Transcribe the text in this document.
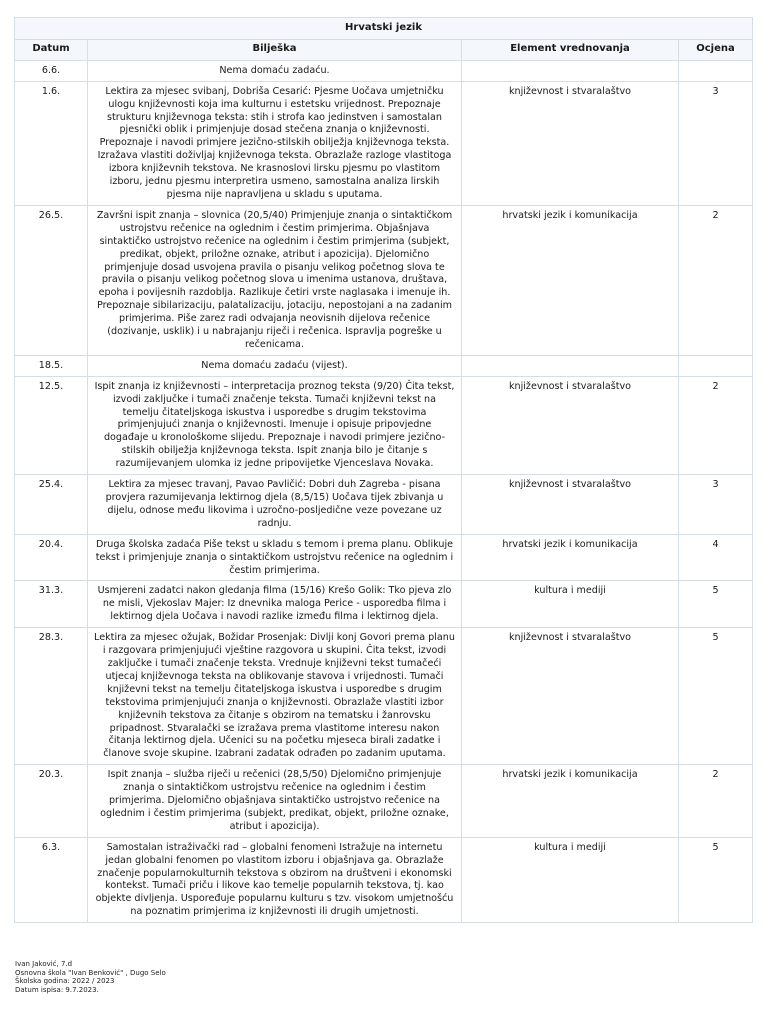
Hrvatski jezik			
Datum	Bilješka	Element vrednovanja	Ocjena
6.6.	Nema domaću zadaću.		
1.6.	Lektira za mjesec svibanj, Dobriša Cesarić: Pjesme Uočava umjetničku ulogu književnosti koja ima kulturnu i estetsku vrijednost. Prepoznaje strukturu književnoga teksta: stih i strofa kao jedinstven i samostalan pjesnički oblik i primjenjuje dosad stečena znanja o književnosti. Prepoznaje i navodi primjere jezično-stilskih obilježja književnoga teksta. Izražava vlastiti doživljaj književnoga teksta. Obrazlaže razloge vlastitoga izbora književnih tekstova. Ne krasnoslovi lirsku pjesmu po vlastitom izboru, jednu pjesmu interpretira usmeno, samostalna analiza lirskih pjesma nije napravljena u skladu s uputama.	književnost i stvaralaštvo	3
26.5.	Završni ispit znanja – slovnica (20,5/40) Primjenjuje znanja o sintaktičkom ustrojstvu rečenice na oglednim i čestim primjerima. Objašnjava sintaktičko ustrojstvo rečenice na oglednim i čestim primjerima (subjekt, predikat, objekt, priložne oznake, atribut i apozicija). Djelomično primjenjuje dosad usvojena pravila o pisanju velikog početnog slova te pravila o pisanju velikog početnog slova u imenima ustanova, društava, epoha i povijesnih razdoblja. Razlikuje četiri vrste naglasaka i imenuje ih. Prepoznaje sibilarizaciju, palatalizaciju, jotaciju, nepostojani a na zadanim primjerima. Piše zarez radi odvajanja neovisnih dijelova rečenice (dozivanje, usklik) i u nabrajanju riječi i rečenica. Ispravlja pogreške u rečenicama.	hrvatski jezik i komunikacija	2
18.5.	Nema domaću zadaću (vijest).		
12.5.	Ispit znanja iz književnosti – interpretacija proznog teksta (9/20) Čita tekst, izvodi zaključke i tumači značenje teksta. Tumači književni tekst na temelju čitateljskoga iskustva i usporedbe s drugim tekstovima primjenjujući znanja o književnosti. Imenuje i opisuje pripovjedne događaje u kronološkome slijedu. Prepoznaje i navodi primjere jezično-stilskih obilježja književnoga teksta. Ispit znanja bilo je čitanje s razumijevanjem ulomka iz jedne pripovijetke Vjenceslava Novaka.	književnost i stvaralaštvo	2
25.4.	Lektira za mjesec travanj, Pavao Pavličić: Dobri duh Zagreba - pisana provjera razumijevanja lektirnog djela (8,5/15) Uočava tijek zbivanja u dijelu, odnose među likovima i uzročno-posljedične veze povezane uz radnju.	književnost i stvaralaštvo	3
20.4.	Druga školska zadaća Piše tekst u skladu s temom i prema planu. Oblikuje tekst i primjenjuje znanja o sintaktičkom ustrojstvu rečenice na oglednim i čestim primjerima.	hrvatski jezik i komunikacija	4
31.3.	Usmjereni zadatci nakon gledanja filma (15/16) Krešo Golik: Tko pjeva zlo ne misli, Vjekoslav Majer: Iz dnevnika maloga Perice - usporedba filma i lektirnog djela Uočava i navodi razlike između filma i lektirnog djela.	kultura i mediji	5
28.3.	Lektira za mjesec ožujak, Božidar Prosenjak: Divlji konj Govori prema planu i razgovara primjenjujući vještine razgovora u skupini. Čita tekst, izvodi zaključke i tumači značenje teksta. Vrednuje književni tekst tumačeći utjecaj književnoga teksta na oblikovanje stavova i vrijednosti. Tumači književni tekst na temelju čitateljskoga iskustva i usporedbe s drugim tekstovima primjenjujući znanja o književnosti. Obrazlaže vlastiti izbor književnih tekstova za čitanje s obzirom na tematsku i žanrovsku pripadnost. Stvaralački se izražava prema vlastitome interesu nakon čitanja lektirnog djela. Učenici su na početku mjeseca birali zadatke i članove svoje skupine. Izabrani zadatak odrađen po zadanim uputama.	književnost i stvaralaštvo	5
20.3.	Ispit znanja – služba riječi u rečenici (28,5/50) Djelomično primjenjuje znanja o sintaktičkom ustrojstvu rečenice na oglednim i čestim primjerima. Djelomično objašnjava sintaktičko ustrojstvo rečenice na oglednim i čestim primjerima (subjekt, predikat, objekt, priložne oznake, atribut i apozicija).	hrvatski jezik i komunikacija	2
6.3.	Samostalan istraživački rad – globalni fenomeni Istražuje na internetu jedan globalni fenomen po vlastitom izboru i objašnjava ga. Obrazlaže značenje popularnokulturnih tekstova s obzirom na društveni i ekonomski kontekst. Tumači priču i likove kao temelje popularnih tekstova, tj. kao objekte divljenja. Uspoređuje popularnu kulturu s tzv. visokom umjetnošću na poznatim primjerima iz književnosti ili drugih umjetnosti.	kultura i mediji	5
Ivan Jaković, 7.d
Osnovna škola "Ivan Benković" , Dugo Selo
Školska godina: 2022 / 2023
Datum ispisa: 9.7.2023.
